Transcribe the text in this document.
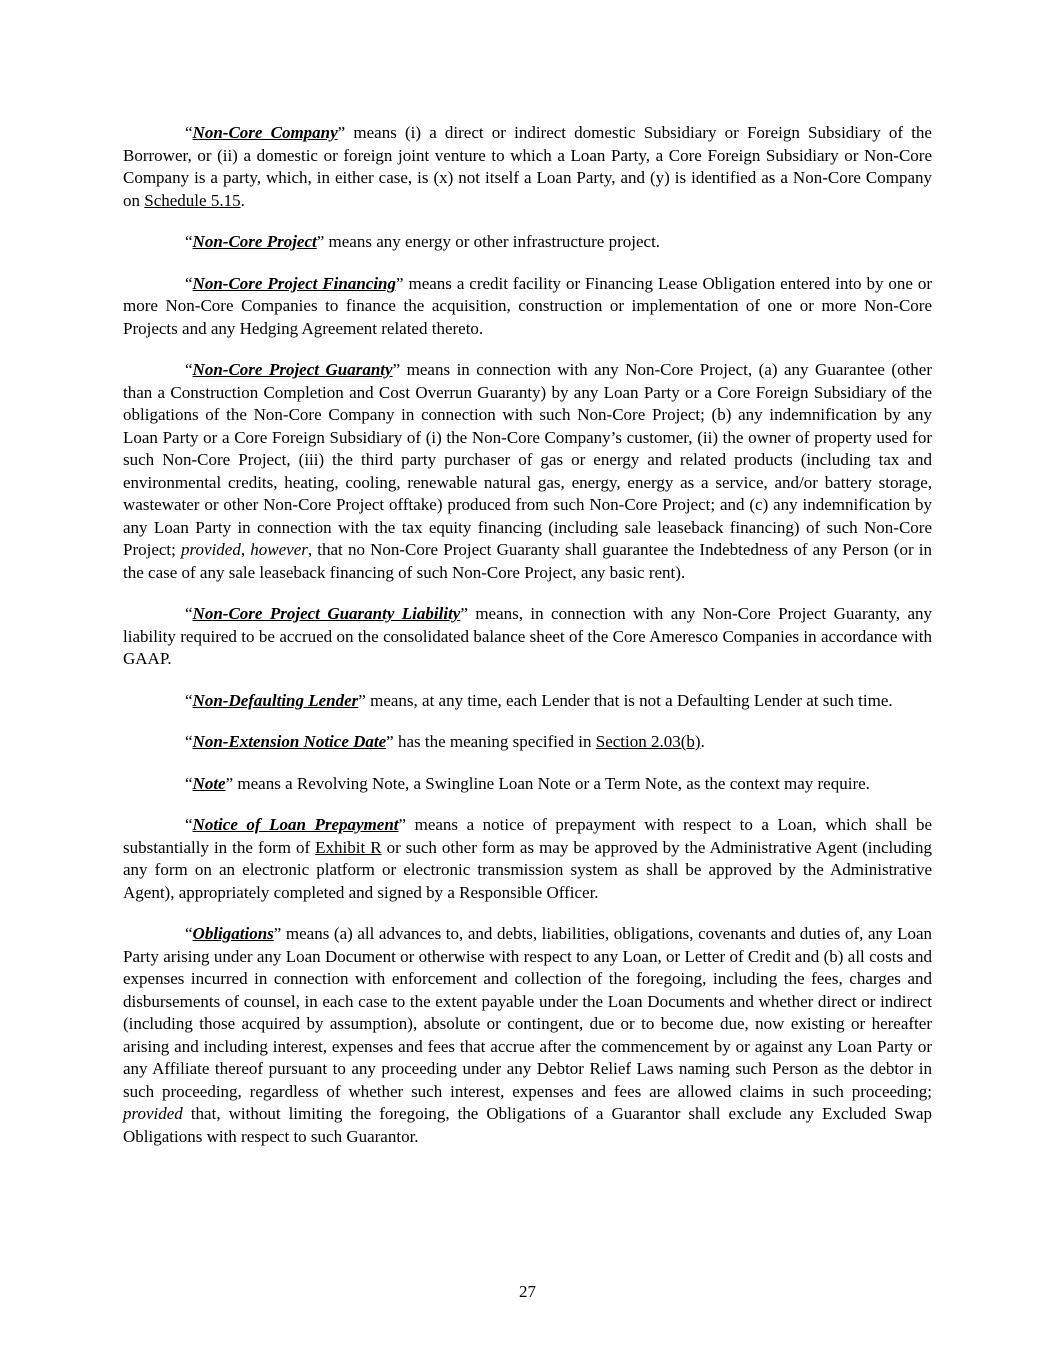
“Non-Core Company” means (i) a direct or indirect domestic Subsidiary or Foreign Subsidiary of the Borrower, or (ii) a domestic or foreign joint venture to which a Loan Party, a Core Foreign Subsidiary or Non-Core Company is a party, which, in either case, is (x) not itself a Loan Party, and (y) is identified as a Non-Core Company on Schedule 5.15.

“Non-Core Project” means any energy or other infrastructure project.

“Non-Core Project Financing” means a credit facility or Financing Lease Obligation entered into by one or more Non-Core Companies to finance the acquisition, construction or implementation of one or more Non-Core Projects and any Hedging Agreement related thereto.

“Non-Core Project Guaranty” means in connection with any Non-Core Project, (a) any Guarantee (other than a Construction Completion and Cost Overrun Guaranty) by any Loan Party or a Core Foreign Subsidiary of the obligations of the Non-Core Company in connection with such Non-Core Project; (b) any indemnification by any Loan Party or a Core Foreign Subsidiary of (i) the Non-Core Company’s customer, (ii) the owner of property used for such Non-Core Project, (iii) the third party purchaser of gas or energy and related products (including tax and environmental credits, heating, cooling, renewable natural gas, energy, energy as a service, and/or battery storage, wastewater or other Non-Core Project offtake) produced from such Non-Core Project; and (c) any indemnification by any Loan Party in connection with the tax equity financing (including sale leaseback financing) of such Non-Core Project; provided, however, that no Non-Core Project Guaranty shall guarantee the Indebtedness of any Person (or in the case of any sale leaseback financing of such Non-Core Project, any basic rent).

“Non-Core Project Guaranty Liability” means, in connection with any Non-Core Project Guaranty, any liability required to be accrued on the consolidated balance sheet of the Core Ameresco Companies in accordance with GAAP.

“Non-Defaulting Lender” means, at any time, each Lender that is not a Defaulting Lender at such time.

“Non-Extension Notice Date” has the meaning specified in Section 2.03(b).

“Note” means a Revolving Note, a Swingline Loan Note or a Term Note, as the context may require.

“Notice of Loan Prepayment” means a notice of prepayment with respect to a Loan, which shall be substantially in the form of Exhibit R or such other form as may be approved by the Administrative Agent (including any form on an electronic platform or electronic transmission system as shall be approved by the Administrative Agent), appropriately completed and signed by a Responsible Officer.

“Obligations” means (a) all advances to, and debts, liabilities, obligations, covenants and duties of, any Loan Party arising under any Loan Document or otherwise with respect to any Loan, or Letter of Credit and (b) all costs and expenses incurred in connection with enforcement and collection of the foregoing, including the fees, charges and disbursements of counsel, in each case to the extent payable under the Loan Documents and whether direct or indirect (including those acquired by assumption), absolute or contingent, due or to become due, now existing or hereafter arising and including interest, expenses and fees that accrue after the commencement by or against any Loan Party or any Affiliate thereof pursuant to any proceeding under any Debtor Relief Laws naming such Person as the debtor in such proceeding, regardless of whether such interest, expenses and fees are allowed claims in such proceeding; provided that, without limiting the foregoing, the Obligations of a Guarantor shall exclude any Excluded Swap Obligations with respect to such Guarantor.

27
